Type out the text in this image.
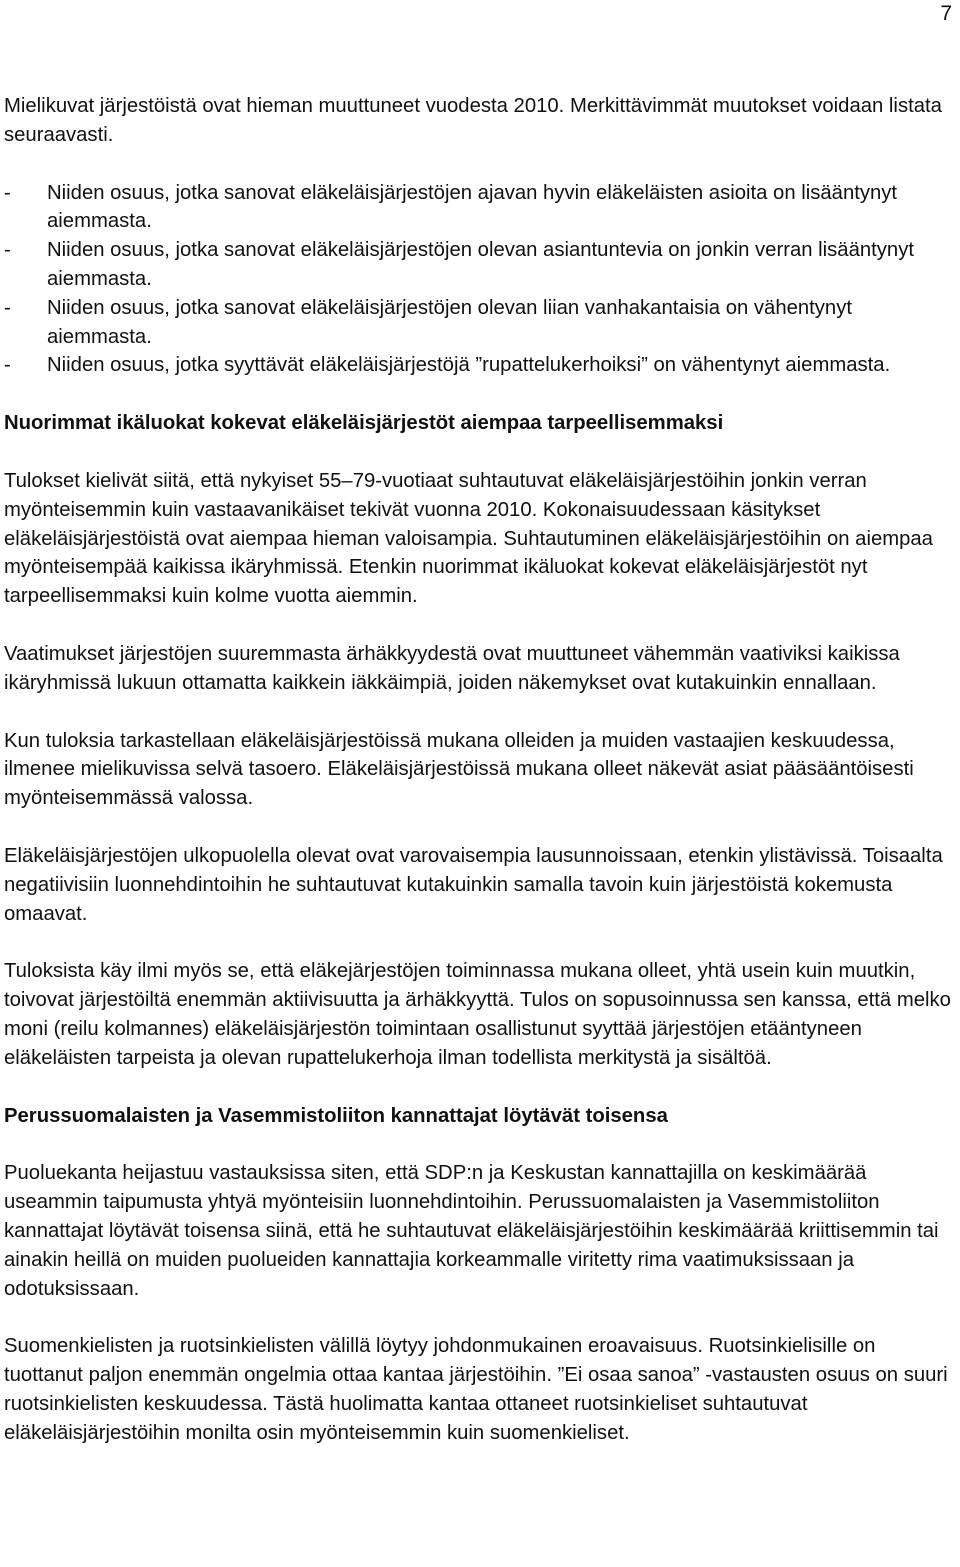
7

Mielikuvat järjestöistä ovat hieman muuttuneet vuodesta 2010. Merkittävimmät muutokset voidaan listata seuraavasti.

- Niiden osuus, jotka sanovat eläkeläisjärjestöjen ajavan hyvin eläkeläisten asioita on lisääntynyt aiemmasta.
- Niiden osuus, jotka sanovat eläkeläisjärjestöjen olevan asiantuntevia on jonkin verran lisääntynyt aiemmasta.
- Niiden osuus, jotka sanovat eläkeläisjärjestöjen olevan liian vanhakantaisia on vähentynyt aiemmasta.
- Niiden osuus, jotka syyttävät eläkeläisjärjestöjä ”rupattelukerhoiksi” on vähentynyt aiemmasta.
Nuorimmat ikäluokat kokevat eläkeläisjärjestöt aiempaa tarpeellisemmaksi

Tulokset kielivät siitä, että nykyiset 55–79-vuotiaat suhtautuvat eläkeläisjärjestöihin jonkin verran myönteisemmin kuin vastaavanikäiset tekivät vuonna 2010. Kokonaisuudessaan käsitykset eläkeläisjärjestöistä ovat aiempaa hieman valoisampia. Suhtautuminen eläkeläisjärjestöihin on aiempaa myönteisempää kaikissa ikäryhmissä. Etenkin nuorimmat ikäluokat kokevat eläkeläisjärjestöt nyt tarpeellisemmaksi kuin kolme vuotta aiemmin.

Vaatimukset järjestöjen suuremmasta ärhäkkyydestä ovat muuttuneet vähemmän vaativiksi kaikissa ikäryhmissä lukuun ottamatta kaikkein iäkkäimpiä, joiden näkemykset ovat kutakuinkin ennallaan.

Kun tuloksia tarkastellaan eläkeläisjärjestöissä mukana olleiden ja muiden vastaajien keskuudessa, ilmenee mielikuvissa selvä tasoero. Eläkeläisjärjestöissä mukana olleet näkevät asiat pääsääntöisesti myönteisemmässä valossa.

Eläkeläisjärjestöjen ulkopuolella olevat ovat varovaisempia lausunnoissaan, etenkin ylistävissä. Toisaalta negatiivisiin luonnehdintoihin he suhtautuvat kutakuinkin samalla tavoin kuin järjestöistä kokemusta omaavat.

Tuloksista käy ilmi myös se, että eläkejärjestöjen toiminnassa mukana olleet, yhtä usein kuin muutkin, toivovat järjestöiltä enemmän aktiivisuutta ja ärhäkkyyttä. Tulos on sopusoinnussa sen kanssa, että melko moni (reilu kolmannes) eläkeläisjärjestön toimintaan osallistunut syyttää järjestöjen etääntyneen eläkeläisten tarpeista ja olevan rupattelukerhoja ilman todellista merkitystä ja sisältöä.

Perussuomalaisten ja Vasemmistoliiton kannattajat löytävät toisensa

Puoluekanta heijastuu vastauksissa siten, että SDP:n ja Keskustan kannattajilla on keskimäärää useammin taipumusta yhtyä myönteisiin luonnehdintoihin. Perussuomalaisten ja Vasemmistoliiton kannattajat löytävät toisensa siinä, että he suhtautuvat eläkeläisjärjestöihin keskimäärää kriittisemmin tai ainakin heillä on muiden puolueiden kannattajia korkeammalle viritetty rima vaatimuksissaan ja odotuksissaan.

Suomenkielisten ja ruotsinkielisten välillä löytyy johdonmukainen eroavaisuus. Ruotsinkielisille on tuottanut paljon enemmän ongelmia ottaa kantaa järjestöihin. ”Ei osaa sanoa” -vastausten osuus on suuri ruotsinkielisten keskuudessa. Tästä huolimatta kantaa ottaneet ruotsinkieliset suhtautuvat eläkeläisjärjestöihin monilta osin myönteisemmin kuin suomenkieliset.
